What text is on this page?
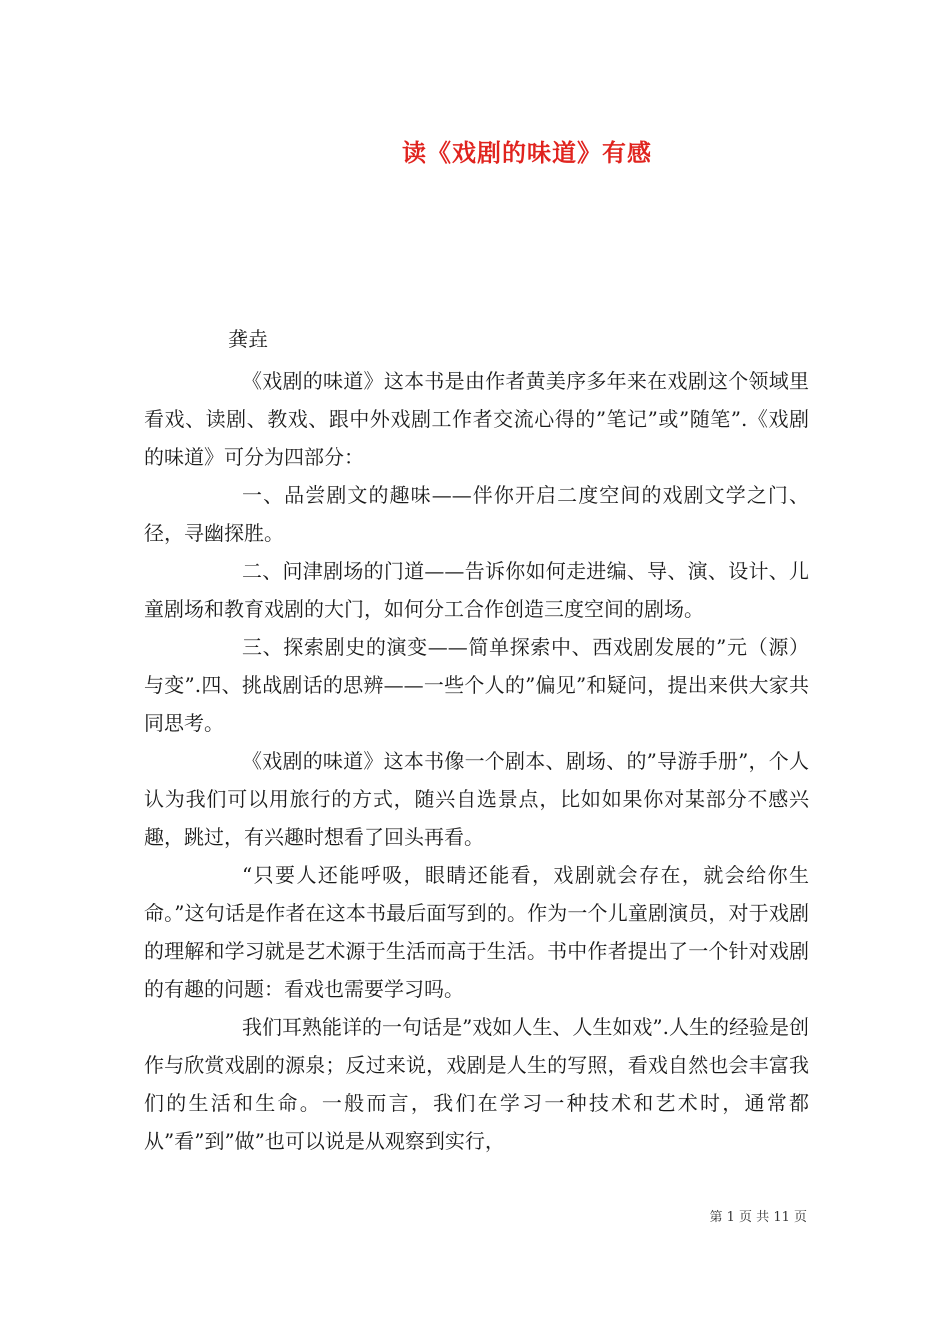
读《戏剧的味道》有感
龚垚

《戏剧的味道》这本书是由作者黄美序多年来在戏剧这个领域里看戏、读剧、教戏、跟中外戏剧工作者交流心得的”笔记”或”随笔”.《戏剧的味道》可分为四部分：

一、品尝剧文的趣味——伴你开启二度空间的戏剧文学之门、径，寻幽探胜。

二、问津剧场的门道——告诉你如何走进编、导、演、设计、儿童剧场和教育戏剧的大门，如何分工合作创造三度空间的剧场。

三、探索剧史的演变——简单探索中、西戏剧发展的”元（源）与变”.四、挑战剧话的思辨——一些个人的”偏见”和疑问，提出来供大家共同思考。

《戏剧的味道》这本书像一个剧本、剧场、的”导游手册”，个人认为我们可以用旅行的方式，随兴自选景点，比如如果你对某部分不感兴趣，跳过，有兴趣时想看了回头再看。

“只要人还能呼吸，眼睛还能看，戏剧就会存在，就会给你生命。”这句话是作者在这本书最后面写到的。作为一个儿童剧演员，对于戏剧的理解和学习就是艺术源于生活而高于生活。书中作者提出了一个针对戏剧的有趣的问题：看戏也需要学习吗。

我们耳熟能详的一句话是”戏如人生、人生如戏”.人生的经验是创作与欣赏戏剧的源泉；反过来说，戏剧是人生的写照，看戏自然也会丰富我们的生活和生命。一般而言，我们在学习一种技术和艺术时，通常都从”看”到”做”也可以说是从观察到实行，

第 1 页 共 11 页
